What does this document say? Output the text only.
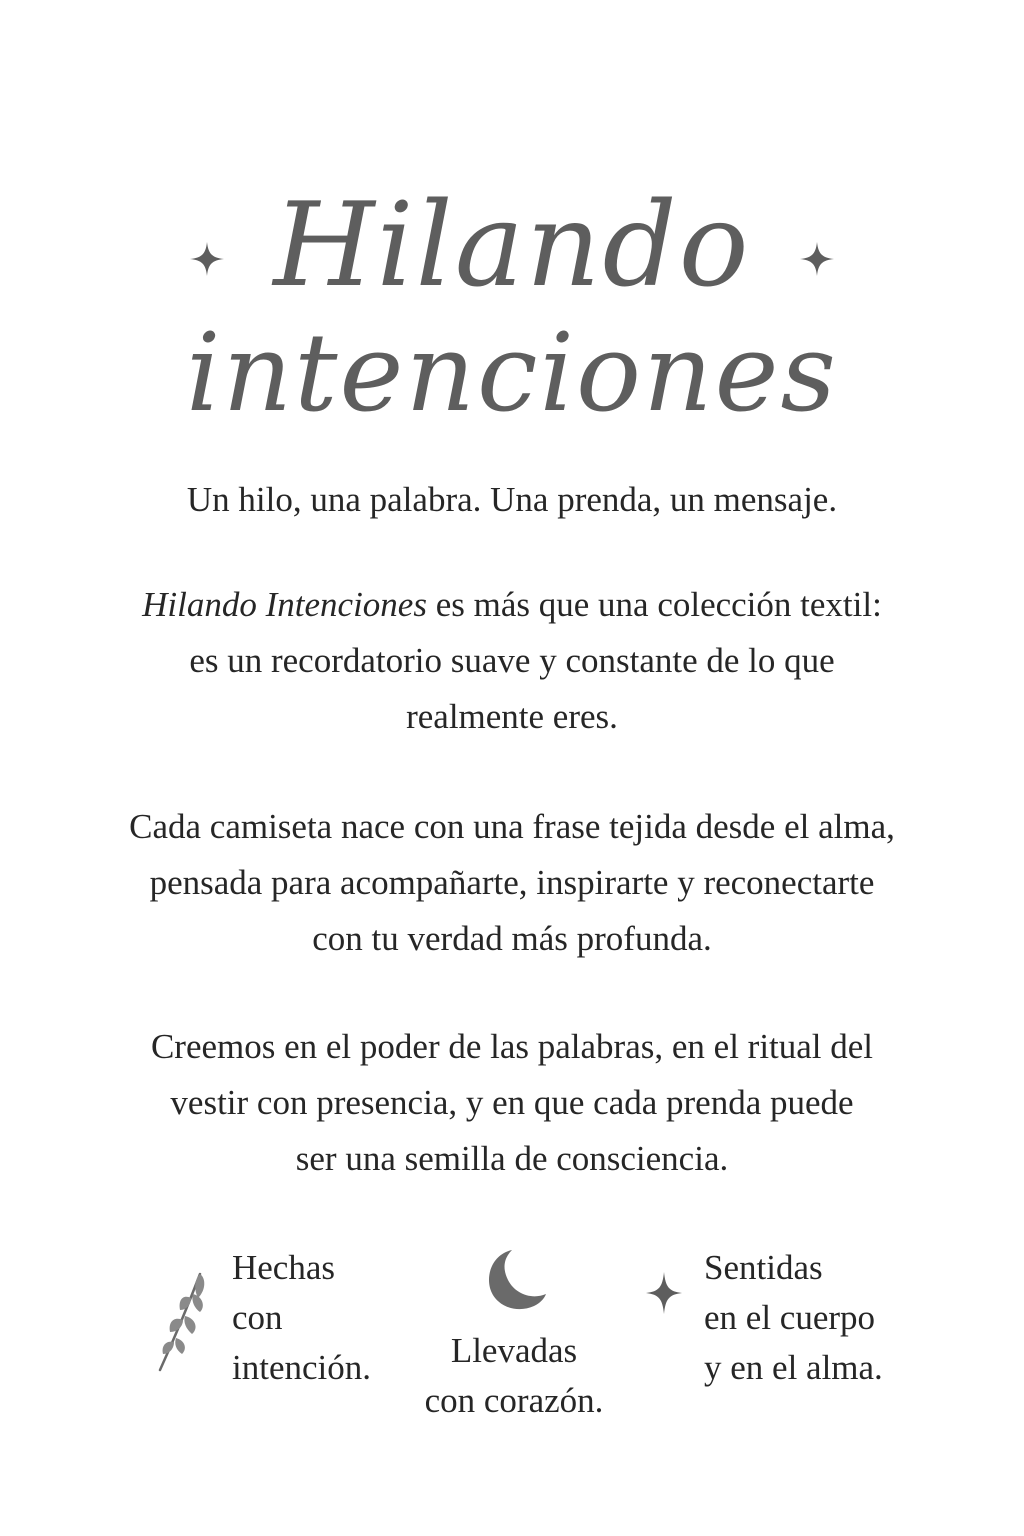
Hilando
intenciones
Un hilo, una palabra. Una prenda, un mensaje.
Hilando Intenciones es más que una colección textil:
es un recordatorio suave y constante de lo que
realmente eres.
Cada camiseta nace con una frase tejida desde el alma,
pensada para acompañarte, inspirarte y reconectarte
con tu verdad más profunda.
Creemos en el poder de las palabras, en el ritual del
vestir con presencia, y en que cada prenda puede
ser una semilla de consciencia.
Hechas
con
intención.	Llevadas
con corazón.
Sentidas
en el cuerpo
y en el alma.
